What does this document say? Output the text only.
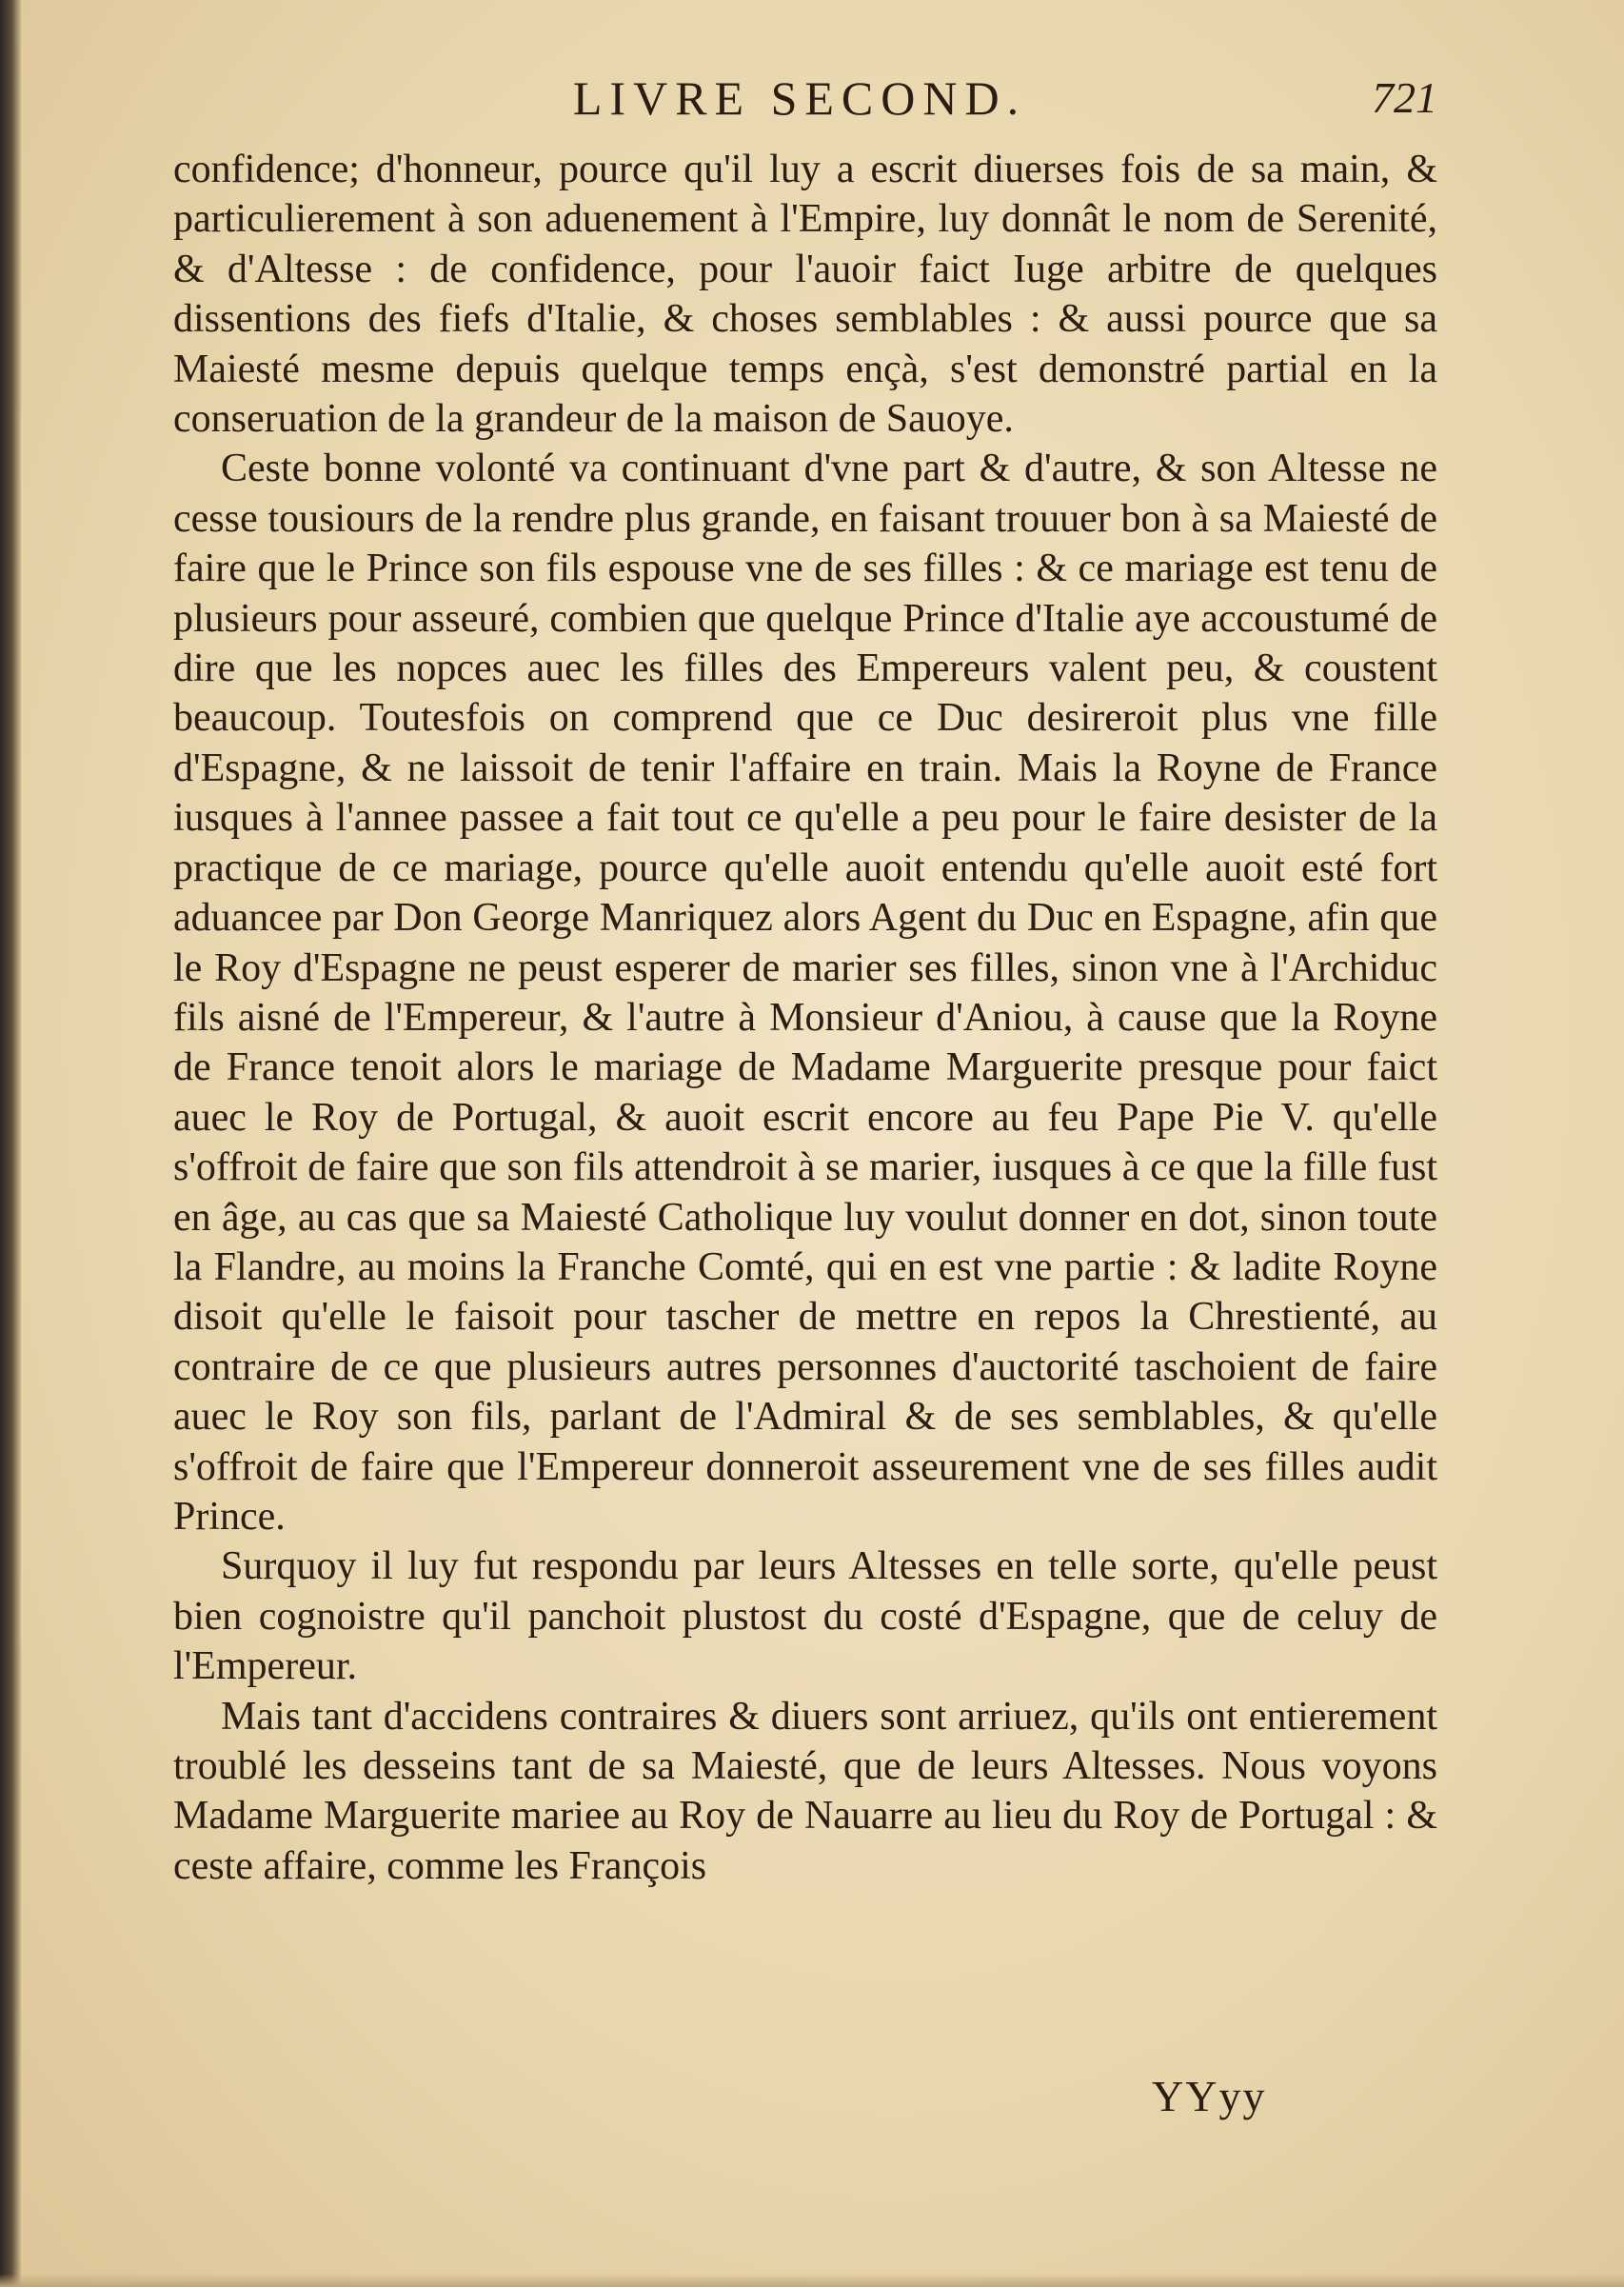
LIVRE SECOND.	721

confidence; d'honneur, pource qu'il luy a escrit diuerses fois de sa main, & particulierement à son aduenement à l'Empire, luy donnât le nom de Serenité, & d'Altesse : de confidence, pour l'auoir faict Iuge arbitre de quelques dissentions des fiefs d'Italie, & choses semblables : & aussi pource que sa Maiesté mesme depuis quelque temps ençà, s'est demonstré partial en la conseruation de la grandeur de la maison de Sauoye.

Ceste bonne volonté va continuant d'vne part & d'autre, & son Altesse ne cesse tousiours de la rendre plus grande, en faisant trouuer bon à sa Maiesté de faire que le Prince son fils espouse vne de ses filles : & ce mariage est tenu de plusieurs pour asseuré, combien que quelque Prince d'Italie aye accoustumé de dire que les nopces auec les filles des Empereurs valent peu, & coustent beaucoup. Toutesfois on comprend que ce Duc desireroit plus vne fille d'Espagne, & ne laissoit de tenir l'affaire en train. Mais la Royne de France iusques à l'annee passee a fait tout ce qu'elle a peu pour le faire desister de la practique de ce mariage, pource qu'elle auoit entendu qu'elle auoit esté fort aduancee par Don George Manriquez alors Agent du Duc en Espagne, afin que le Roy d'Espagne ne peust esperer de marier ses filles, sinon vne à l'Archiduc fils aisné de l'Empereur, & l'autre à Monsieur d'Aniou, à cause que la Royne de France tenoit alors le mariage de Madame Marguerite presque pour faict auec le Roy de Portugal, & auoit escrit encore au feu Pape Pie V. qu'elle s'offroit de faire que son fils attendroit à se marier, iusques à ce que la fille fust en âge, au cas que sa Maiesté Catholique luy voulut donner en dot, sinon toute la Flandre, au moins la Franche Comté, qui en est vne partie : & ladite Royne disoit qu'elle le faisoit pour tascher de mettre en repos la Chrestienté, au contraire de ce que plusieurs autres personnes d'auctorité taschoient de faire auec le Roy son fils, parlant de l'Admiral & de ses semblables, & qu'elle s'offroit de faire que l'Empereur donneroit asseurement vne de ses filles audit Prince.

Surquoy il luy fut respondu par leurs Altesses en telle sorte, qu'elle peust bien cognoistre qu'il panchoit plustost du costé d'Espagne, que de celuy de l'Empereur.

Mais tant d'accidens contraires & diuers sont arriuez, qu'ils ont entierement troublé les desseins tant de sa Maiesté, que de leurs Altesses. Nous voyons Madame Marguerite mariee au Roy de Nauarre au lieu du Roy de Portugal : & ceste affaire, comme les François

YYyy
